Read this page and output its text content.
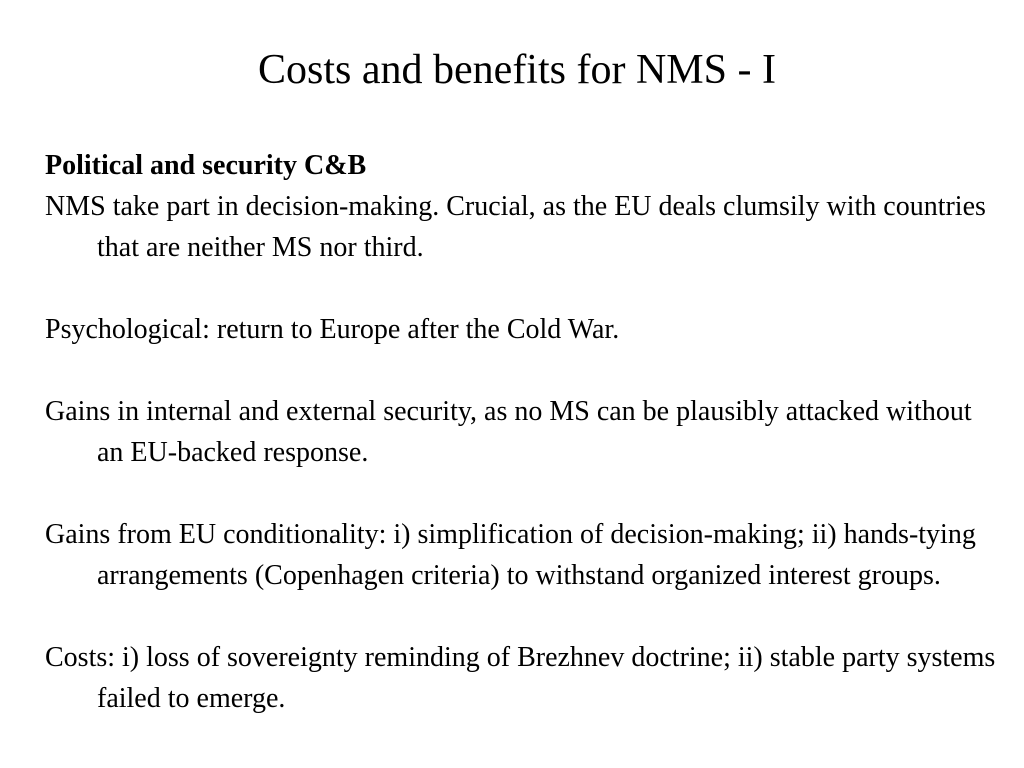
Costs and benefits for NMS - I

Political and security C&B

NMS take part in decision-making. Crucial, as the EU deals clumsily with countries that are neither MS nor third.

Psychological: return to Europe after the Cold War.

Gains in internal and external security, as no MS can be plausibly attacked without an EU-backed response.

Gains from EU conditionality: i) simplification of decision-making; ii) hands-tying arrangements (Copenhagen criteria) to withstand organized interest groups.

Costs: i) loss of sovereignty reminding of Brezhnev doctrine; ii) stable party systems failed to emerge.
